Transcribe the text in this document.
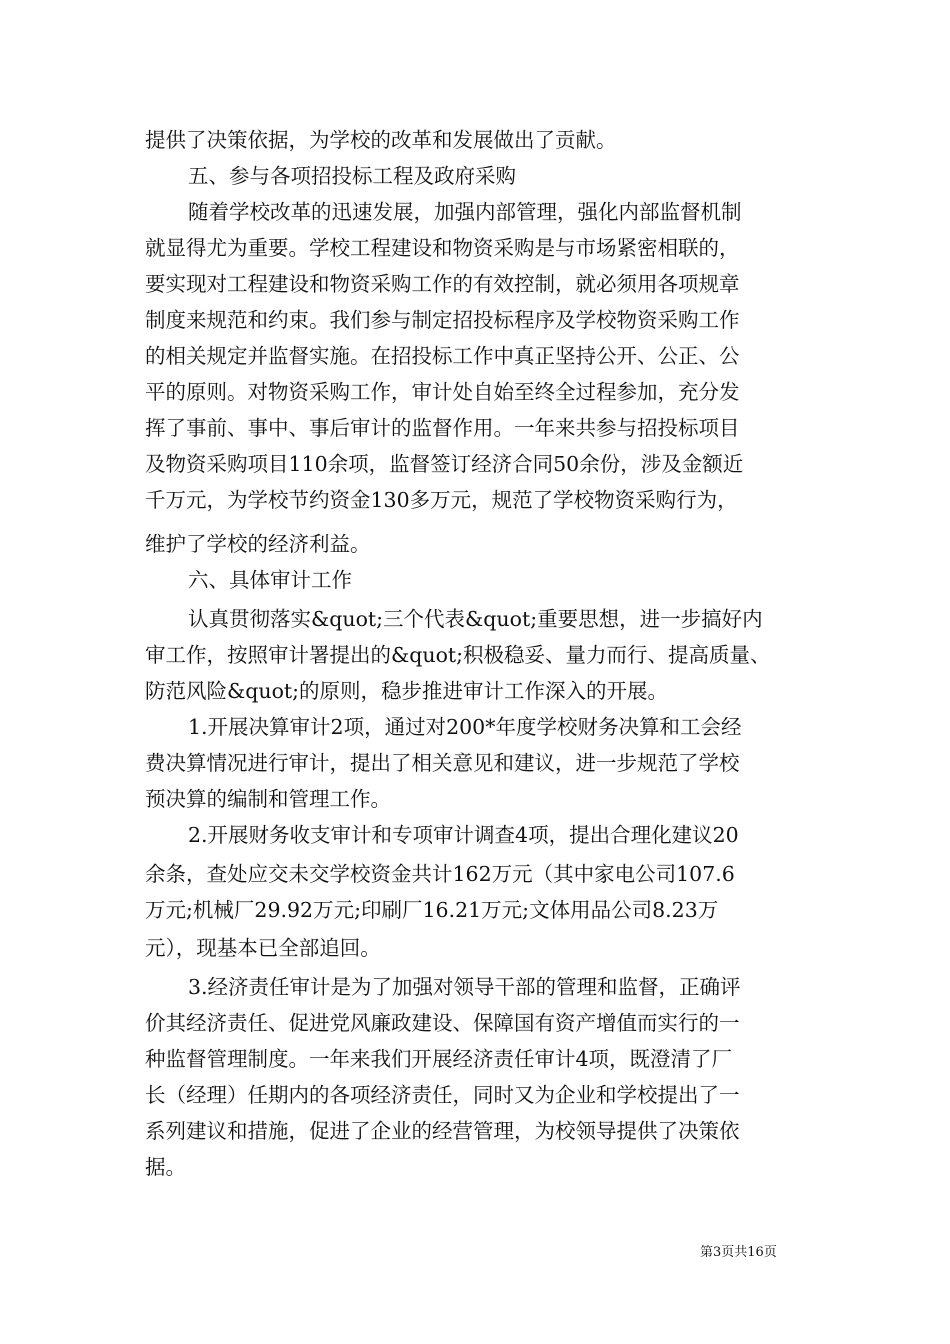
提供了决策依据，为学校的改革和发展做出了贡献。
五、参与各项招投标工程及政府采购
随着学校改革的迅速发展，加强内部管理，强化内部监督机制
就显得尤为重要。学校工程建设和物资采购是与市场紧密相联的，
要实现对工程建设和物资采购工作的有效控制，就必须用各项规章
制度来规范和约束。我们参与制定招投标程序及学校物资采购工作
的相关规定并监督实施。在招投标工作中真正坚持公开、公正、公
平的原则。对物资采购工作，审计处自始至终全过程参加，充分发
挥了事前、事中、事后审计的监督作用。一年来共参与招投标项目
及物资采购项目110余项，监督签订经济合同50余份，涉及金额近
千万元，为学校节约资金130多万元，规范了学校物资采购行为，
维护了学校的经济利益。
六、具体审计工作
认真贯彻落实&quot;三个代表&quot;重要思想，进一步搞好内
审工作，按照审计署提出的&quot;积极稳妥、量力而行、提高质量、
防范风险&quot;的原则，稳步推进审计工作深入的开展。
1.开展决算审计2项，通过对200*年度学校财务决算和工会经
费决算情况进行审计，提出了相关意见和建议，进一步规范了学校
预决算的编制和管理工作。
2.开展财务收支审计和专项审计调查4项，提出合理化建议20
余条，查处应交未交学校资金共计162万元（其中家电公司107.6
万元;机械厂29.92万元;印刷厂16.21万元;文体用品公司8.23万
元），现基本已全部追回。
3.经济责任审计是为了加强对领导干部的管理和监督，正确评
价其经济责任、促进党风廉政建设、保障国有资产增值而实行的一
种监督管理制度。一年来我们开展经济责任审计4项，既澄清了厂
长（经理）任期内的各项经济责任，同时又为企业和学校提出了一
系列建议和措施，促进了企业的经营管理，为校领导提供了决策依
据。
第3页共16页
